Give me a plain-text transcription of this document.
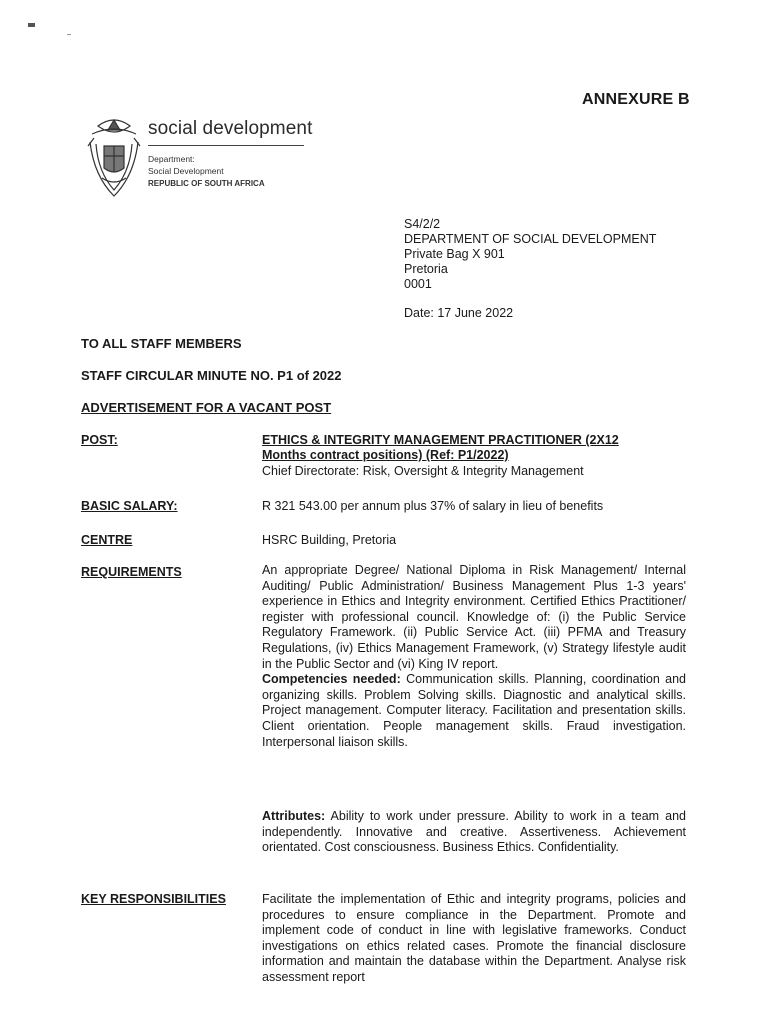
ANNEXURE B
social development
Department:
Social Development
REPUBLIC OF SOUTH AFRICA
S4/2/2
DEPARTMENT OF SOCIAL DEVELOPMENT
Private Bag X 901
Pretoria
0001
Date: 17 June 2022
TO ALL STAFF MEMBERS
STAFF CIRCULAR MINUTE NO. P1 of 2022
ADVERTISEMENT FOR A VACANT POST
POST:	ETHICS & INTEGRITY MANAGEMENT PRACTITIONER (2X12
Months contract positions) (Ref: P1/2022)
Chief Directorate: Risk, Oversight & Integrity Management
BASIC SALARY:	R 321 543.00 per annum plus 37% of salary in lieu of benefits
CENTRE	HSRC Building, Pretoria
REQUIREMENTS	An appropriate Degree/ National Diploma in Risk Management/ Internal Auditing/ Public Administration/ Business Management Plus 1-3 years' experience in Ethics and Integrity environment. Certified Ethics Practitioner/ register with professional council. Knowledge of: (i) the Public Service Regulatory Framework. (ii) Public Service Act. (iii) PFMA and Treasury Regulations, (iv) Ethics Management Framework, (v) Strategy lifestyle audit in the Public Sector and (vi) King IV report.
Competencies needed: Communication skills. Planning, coordination and organizing skills. Problem Solving skills. Diagnostic and analytical skills. Project management. Computer literacy. Facilitation and presentation skills. Client orientation. People management skills. Fraud investigation. Interpersonal liaison skills.
Attributes: Ability to work under pressure. Ability to work in a team and independently. Innovative and creative. Assertiveness. Achievement orientated. Cost consciousness. Business Ethics. Confidentiality.
KEY RESPONSIBILITIES	Facilitate the implementation of Ethic and integrity programs, policies and procedures to ensure compliance in the Department. Promote and implement code of conduct in line with legislative frameworks. Conduct investigations on ethics related cases. Promote the financial disclosure information and maintain the database within the Department. Analyse risk assessment report
